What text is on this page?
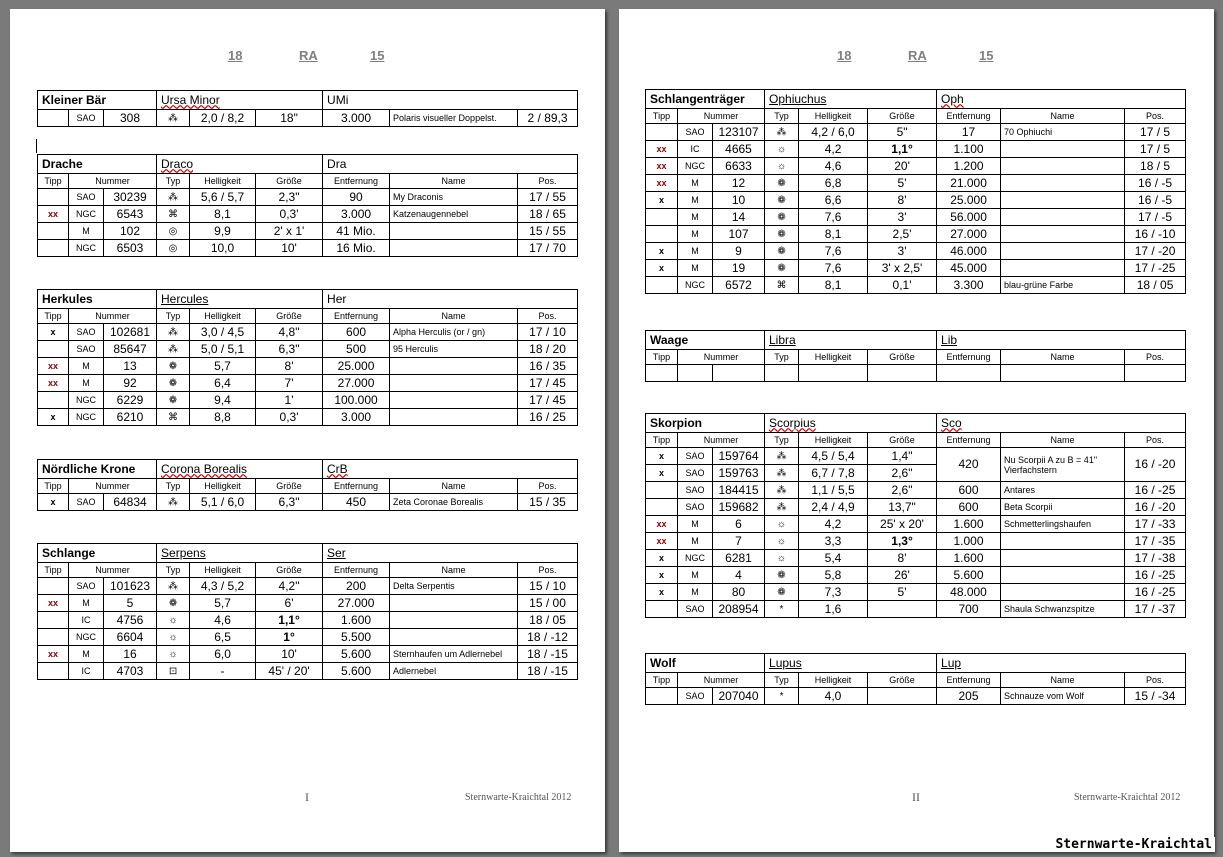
18	RA	15
Kleiner Bär			Ursa Minor			UMi		
	SAO	308	⁂	2,0 / 8,2	18"	3.000	Polaris visueller Doppelst.	2 / 89,3
Drache			Draco			Dra		
Tipp	Nummer		Typ	Helligkeit	Größe	Entfernung	Name	Pos.
	SAO	30239	⁂	5,6 / 5,7	2,3"	90	My Draconis	17 / 55
xx	NGC	6543	⌘	8,1	0,3'	3.000	Katzenaugennebel	18 / 65
	M	102	◎	9,9	2' x 1'	41 Mio.		15 / 55
	NGC	6503	◎	10,0	10'	16 Mio.		17 / 70
Herkules			Hercules			Her		
Tipp	Nummer		Typ	Helligkeit	Größe	Entfernung	Name	Pos.
x	SAO	102681	⁂	3,0 / 4,5	4,8"	600	Alpha Herculis (or / gn)	17 / 10
	SAO	85647	⁂	5,0 / 5,1	6,3"	500	95 Herculis	18 / 20
xx	M	13	❁	5,7	8'	25.000		16 / 35
xx	M	92	❁	6,4	7'	27.000		17 / 45
	NGC	6229	❁	9,4	1'	100.000		17 / 45
x	NGC	6210	⌘	8,8	0,3'	3.000		16 / 25
Nördliche Krone			Corona Borealis			CrB		
Tipp	Nummer		Typ	Helligkeit	Größe	Entfernung	Name	Pos.
x	SAO	64834	⁂	5,1 / 6,0	6,3"	450	Zeta Coronae Borealis	15 / 35
Schlange			Serpens			Ser		
Tipp	Nummer		Typ	Helligkeit	Größe	Entfernung	Name	Pos.
	SAO	101623	⁂	4,3 / 5,2	4,2"	200	Delta Serpentis	15 / 10
xx	M	5	❁	5,7	6'	27.000		15 / 00
	IC	4756	☼	4,6	1,1°	1.600		18 / 05
	NGC	6604	☼	6,5	1°	5.500		18 / -12
xx	M	16	☼	6,0	10'	5.600	Sternhaufen um Adlernebel	18 / -15
	IC	4703	⊡	-	45' / 20'	5.600	Adlernebel	18 / -15
I	Sternwarte-Kraichtal 2012
18	RA	15
Schlangenträger			Ophiuchus			Oph		
Tipp	Nummer		Typ	Helligkeit	Größe	Entfernung	Name	Pos.
	SAO	123107	⁂	4,2 / 6,0	5"	17	70 Ophiuchi	17 / 5
xx	IC	4665	☼	4,2	1,1°	1.100		17 / 5
xx	NGC	6633	☼	4,6	20'	1.200		18 / 5
xx	M	12	❁	6,8	5'	21.000		16 / -5
x	M	10	❁	6,6	8'	25.000		16 / -5
	M	14	❁	7,6	3'	56.000		17 / -5
	M	107	❁	8,1	2,5'	27.000		16 / -10
x	M	9	❁	7,6	3'	46.000		17 / -20
x	M	19	❁	7,6	3' x 2,5'	45.000		17 / -25
	NGC	6572	⌘	8,1	0,1'	3.300	blau-grüne Farbe	18 / 05
Waage			Libra			Lib		
Tipp	Nummer		Typ	Helligkeit	Größe	Entfernung	Name	Pos.

Skorpion			Scorpius			Sco		
Tipp	Nummer		Typ	Helligkeit	Größe	Entfernung	Name	Pos.
x	SAO	159764	⁂	4,5 / 5,4	1,4"	420	Nu Scorpii A zu B = 41" Vierfachstern	16 / -20
x	SAO	159763	⁂	6,7 / 7,8	2,6"			
	SAO	184415	⁂	1,1 / 5,5	2,6"	600	Antares	16 / -25
	SAO	159682	⁂	2,4 / 4,9	13,7"	600	Beta Scorpii	16 / -20
xx	M	6	☼	4,2	25' x 20'	1.600	Schmetterlingshaufen	17 / -33
xx	M	7	☼	3,3	1,3°	1.000		17 / -35
x	NGC	6281	☼	5,4	8'	1.600		17 / -38
x	M	4	❁	5,8	26'	5.600		16 / -25
x	M	80	❁	7,3	5'	48.000		16 / -25
	SAO	208954	*	1,6		700	Shaula Schwanzspitze	17 / -37
Wolf			Lupus			Lup		
Tipp	Nummer		Typ	Helligkeit	Größe	Entfernung	Name	Pos.
	SAO	207040	*	4,0		205	Schnauze vom Wolf	15 / -34
II	Sternwarte-Kraichtal 2012
Sternwarte-Kraichtal
